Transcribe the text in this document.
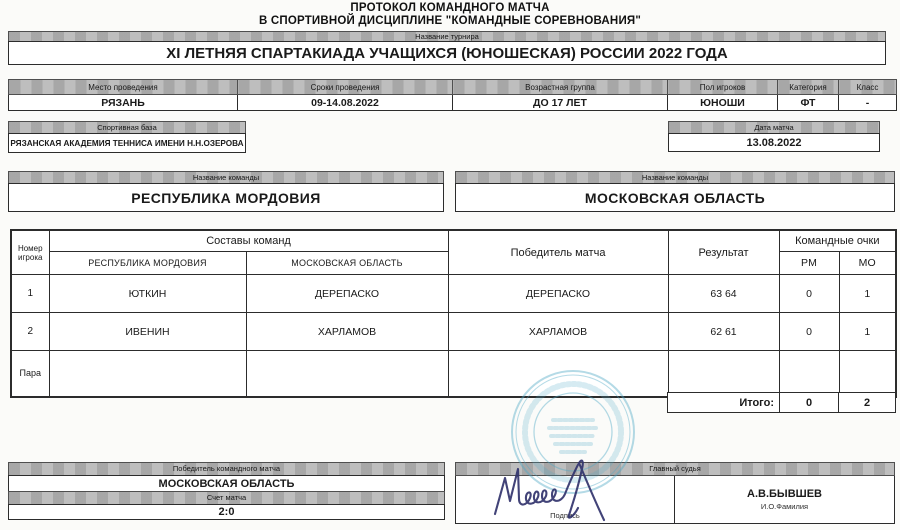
ПРОТОКОЛ КОМАНДНОГО МАТЧА
В СПОРТИВНОЙ ДИСЦИПЛИНЕ "КОМАНДНЫЕ СОРЕВНОВАНИЯ"
Название турнира
XI ЛЕТНЯЯ СПАРТАКИАДА УЧАЩИХСЯ (ЮНОШЕСКАЯ) РОССИИ 2022 ГОДА
Место проведения	Сроки проведения	Возрастная группа	Пол игроков	Категория	Класс
РЯЗАНЬ	09-14.08.2022	ДО 17 ЛЕТ	ЮНОШИ	ФТ	-
Спортивная база
РЯЗАНСКАЯ АКАДЕМИЯ ТЕННИСА ИМЕНИ Н.Н.ОЗЕРОВА
Дата матча
13.08.2022
Название команды
РЕСПУБЛИКА МОРДОВИЯ
Название команды
МОСКОВСКАЯ ОБЛАСТЬ
Номер
игрока	Составы команд		Победитель матча	Результат	Командные очки	
	РЕСПУБЛИКА МОРДОВИЯ	МОСКОВСКАЯ ОБЛАСТЬ			РМ	МО
1	ЮТКИН	ДЕРЕПАСКО	ДЕРЕПАСКО	63 64	0	1
2	ИВЕНИН	ХАРЛАМОВ	ХАРЛАМОВ	62 61	0	1
Пара						
Итого:	0	2
Победитель командного матча
МОСКОВСКАЯ ОБЛАСТЬ
Счет матча
2:0
Главный судья
Подпись
А.В.БЫВШЕВ
И.О.Фамилия
